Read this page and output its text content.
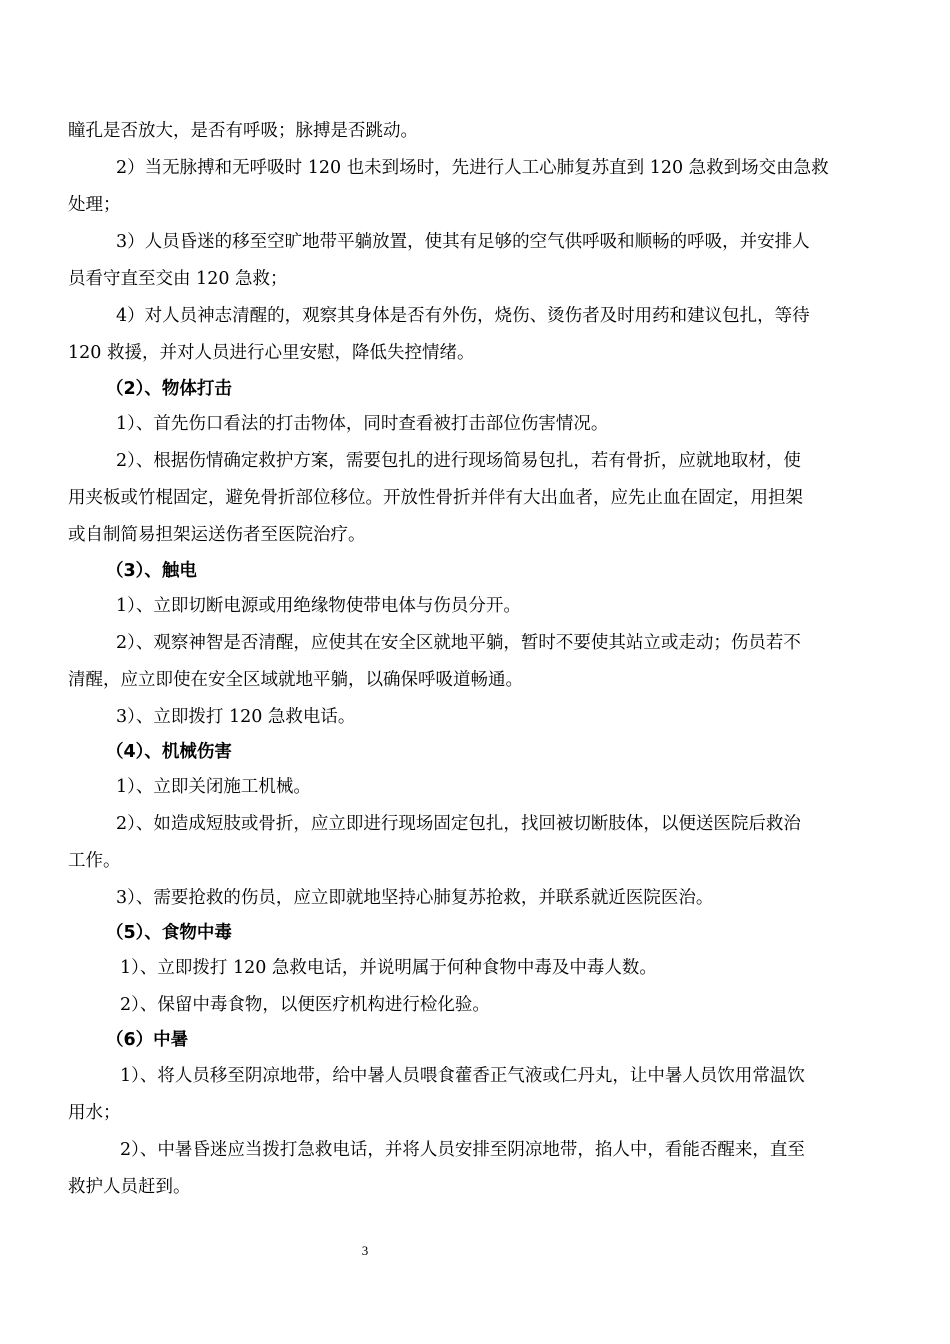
瞳孔是否放大，是否有呼吸；脉搏是否跳动。
2）当无脉搏和无呼吸时 120 也未到场时，先进行人工心肺复苏直到 120 急救到场交由急救
处理；
3）人员昏迷的移至空旷地带平躺放置，使其有足够的空气供呼吸和顺畅的呼吸，并安排人
员看守直至交由 120 急救；
4）对人员神志清醒的，观察其身体是否有外伤，烧伤、烫伤者及时用药和建议包扎，等待
120 救援，并对人员进行心里安慰，降低失控情绪。
（2）、物体打击
1）、首先伤口看法的打击物体，同时查看被打击部位伤害情况。
2）、根据伤情确定救护方案，需要包扎的进行现场简易包扎，若有骨折，应就地取材，使
用夹板或竹棍固定，避免骨折部位移位。开放性骨折并伴有大出血者，应先止血在固定，用担架
或自制简易担架运送伤者至医院治疗。
（3）、触电
1）、立即切断电源或用绝缘物使带电体与伤员分开。
2）、观察神智是否清醒，应使其在安全区就地平躺，暂时不要使其站立或走动；伤员若不
清醒，应立即使在安全区域就地平躺，以确保呼吸道畅通。
3）、立即拨打 120 急救电话。
（4）、机械伤害
1）、立即关闭施工机械。
2）、如造成短肢或骨折，应立即进行现场固定包扎，找回被切断肢体，以便送医院后救治
工作。
3）、需要抢救的伤员，应立即就地坚持心肺复苏抢救，并联系就近医院医治。
（5）、食物中毒
1）、立即拨打 120 急救电话，并说明属于何种食物中毒及中毒人数。
2）、保留中毒食物，以便医疗机构进行检化验。
（6）中暑
1）、将人员移至阴凉地带，给中暑人员喂食藿香正气液或仁丹丸，让中暑人员饮用常温饮
用水；
2）、中暑昏迷应当拨打急救电话，并将人员安排至阴凉地带，掐人中，看能否醒来，直至
救护人员赶到。
3
